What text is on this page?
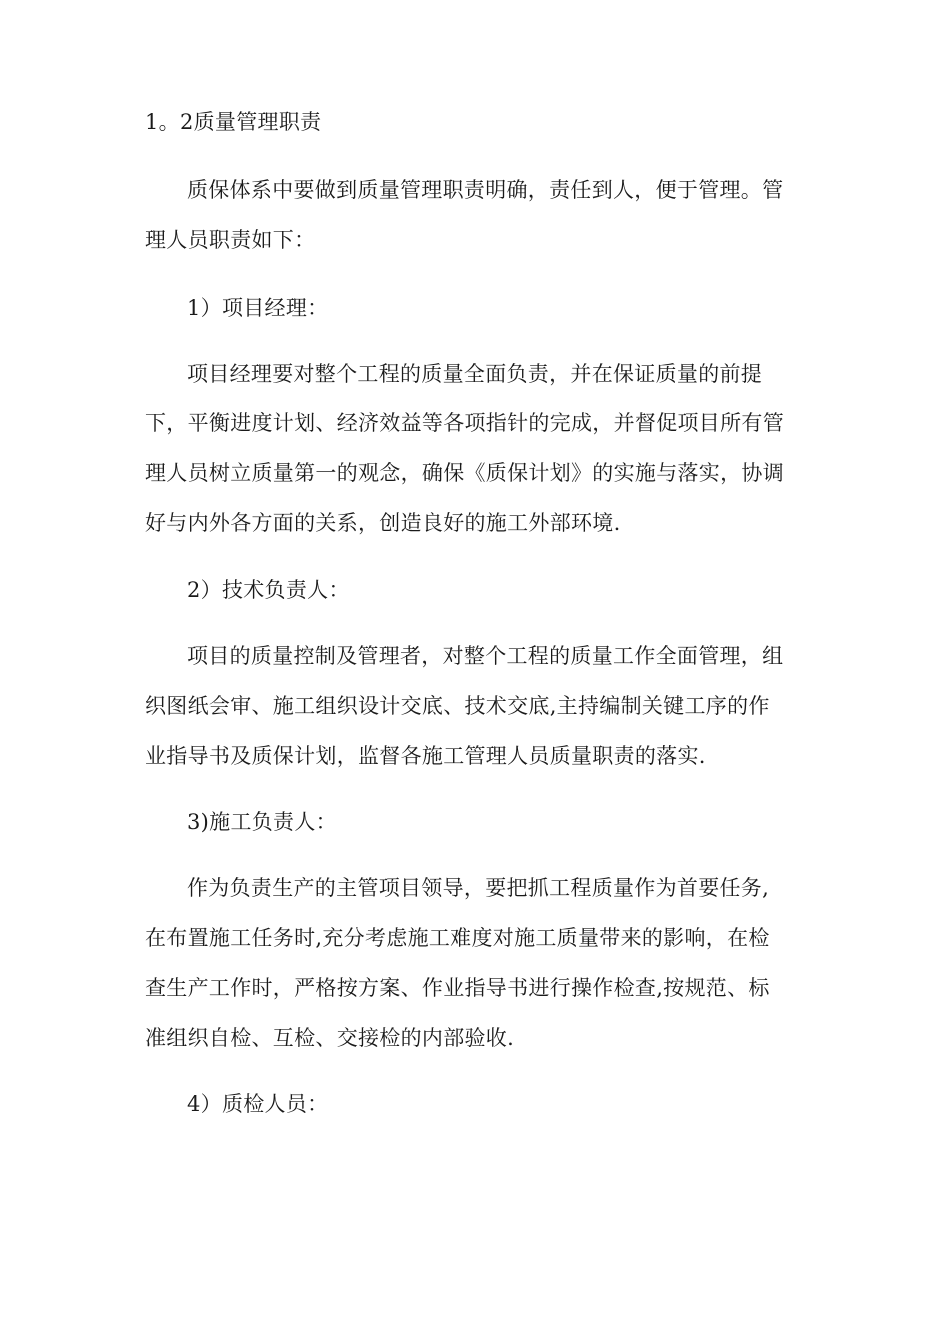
1。2质量管理职责
质保体系中要做到质量管理职责明确，责任到人，便于管理。管
理人员职责如下：
1）项目经理：
项目经理要对整个工程的质量全面负责，并在保证质量的前提
下，平衡进度计划、经济效益等各项指针的完成，并督促项目所有管
理人员树立质量第一的观念，确保《质保计划》的实施与落实，协调
好与内外各方面的关系，创造良好的施工外部环境.
2）技术负责人：
项目的质量控制及管理者，对整个工程的质量工作全面管理，组
织图纸会审、施工组织设计交底、技术交底,主持编制关键工序的作
业指导书及质保计划，监督各施工管理人员质量职责的落实.
3)施工负责人：
作为负责生产的主管项目领导，要把抓工程质量作为首要任务,
在布置施工任务时,充分考虑施工难度对施工质量带来的影响，在检
查生产工作时，严格按方案、作业指导书进行操作检查,按规范、标
准组织自检、互检、交接检的内部验收.
4）质检人员：
